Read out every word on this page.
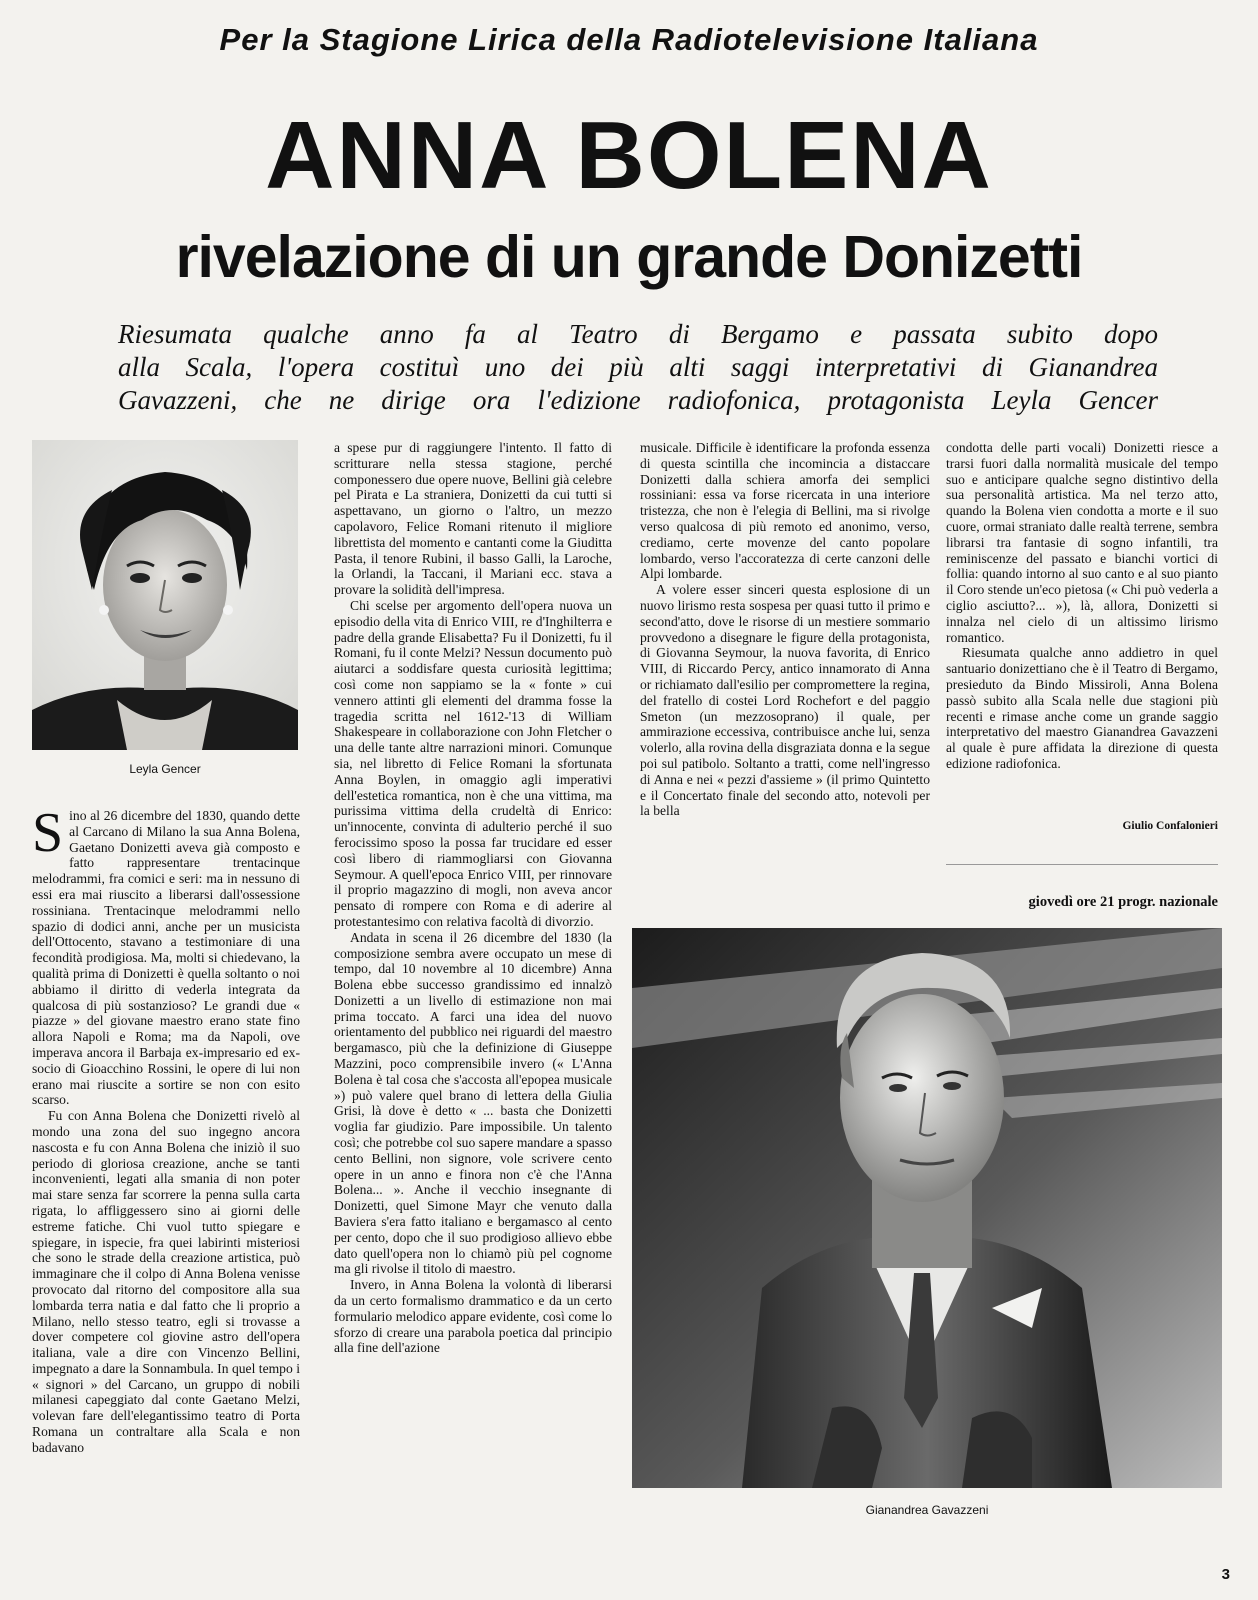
Per la Stagione Lirica della Radiotelevisione Italiana
ANNA BOLENA
rivelazione di un grande Donizetti
Riesumata qualche anno fa al Teatro di Bergamo e passata subito dopo
alla Scala, l'opera costituì uno dei più alti saggi interpretativi di Gianandrea
Gavazzeni, che ne dirige ora l'edizione radiofonica, protagonista Leyla Gencer
Leyla Gencer

Sino al 26 dicembre del 1830, quando dette al Carcano di Milano la sua Anna Bolena, Gaetano Donizetti aveva già composto e fatto rappresentare trentacinque melodrammi, fra comici e seri: ma in nessuno di essi era mai riuscito a liberarsi dall'ossessione rossiniana. Trentacinque melodrammi nello spazio di dodici anni, anche per un musicista dell'Ottocento, stavano a testimoniare di una fecondità prodigiosa. Ma, molti si chiedevano, la qualità prima di Donizetti è quella soltanto o noi abbiamo il diritto di vederla integrata da qualcosa di più sostanzioso? Le grandi due « piazze » del giovane maestro erano state fino allora Napoli e Roma; ma da Napoli, ove imperava ancora il Barbaja ex-impresario ed ex-socio di Gioacchino Rossini, le opere di lui non erano mai riuscite a sortire se non con esito scarso.

Fu con Anna Bolena che Donizetti rivelò al mondo una zona del suo ingegno ancora nascosta e fu con Anna Bolena che iniziò il suo periodo di gloriosa creazione, anche se tanti inconvenienti, legati alla smania di non poter mai stare senza far scorrere la penna sulla carta rigata, lo affliggessero sino ai giorni delle estreme fatiche. Chi vuol tutto spiegare e spiegare, in ispecie, fra quei labirinti misteriosi che sono le strade della creazione artistica, può immaginare che il colpo di Anna Bolena venisse provocato dal ritorno del compositore alla sua lombarda terra natia e dal fatto che li proprio a Milano, nello stesso teatro, egli si trovasse a dover competere col giovine astro dell'opera italiana, vale a dire con Vincenzo Bellini, impegnato a dare la Sonnambula. In quel tempo i « signori » del Carcano, un gruppo di nobili milanesi capeggiato dal conte Gaetano Melzi, volevan fare dell'elegantissimo teatro di Porta Romana un contraltare alla Scala e non badavano

a spese pur di raggiungere l'intento. Il fatto di scritturare nella stessa stagione, perché componessero due opere nuove, Bellini già celebre pel Pirata e La straniera, Donizetti da cui tutti si aspettavano, un giorno o l'altro, un mezzo capolavoro, Felice Romani ritenuto il migliore librettista del momento e cantanti come la Giuditta Pasta, il tenore Rubini, il basso Galli, la Laroche, la Orlandi, la Taccani, il Mariani ecc. stava a provare la solidità dell'impresa.

Chi scelse per argomento dell'opera nuova un episodio della vita di Enrico VIII, re d'Inghilterra e padre della grande Elisabetta? Fu il Donizetti, fu il Romani, fu il conte Melzi? Nessun documento può aiutarci a soddisfare questa curiosità legittima; così come non sappiamo se la « fonte » cui vennero attinti gli elementi del dramma fosse la tragedia scritta nel 1612-'13 di William Shakespeare in collaborazione con John Fletcher o una delle tante altre narrazioni minori. Comunque sia, nel libretto di Felice Romani la sfortunata Anna Boylen, in omaggio agli imperativi dell'estetica romantica, non è che una vittima, ma purissima vittima della crudeltà di Enrico: un'innocente, convinta di adulterio perché il suo ferocissimo sposo la possa far trucidare ed esser così libero di riammogliarsi con Giovanna Seymour. A quell'epoca Enrico VIII, per rinnovare il proprio magazzino di mogli, non aveva ancor pensato di rompere con Roma e di aderire al protestantesimo con relativa facoltà di divorzio.

Andata in scena il 26 dicembre del 1830 (la composizione sembra avere occupato un mese di tempo, dal 10 novembre al 10 dicembre) Anna Bolena ebbe successo grandissimo ed innalzò Donizetti a un livello di estimazione non mai prima toccato. A farci una idea del nuovo orientamento del pubblico nei riguardi del maestro bergamasco, più che la definizione di Giuseppe Mazzini, poco comprensibile invero (« L'Anna Bolena è tal cosa che s'accosta all'epopea musicale ») può valere quel brano di lettera della Giulia Grisi, là dove è detto « ... basta che Donizetti voglia far giudizio. Pare impossibile. Un talento così; che potrebbe col suo sapere mandare a spasso cento Bellini, non signore, vole scrivere cento opere in un anno e finora non c'è che l'Anna Bolena... ». Anche il vecchio insegnante di Donizetti, quel Simone Mayr che venuto dalla Baviera s'era fatto italiano e bergamasco al cento per cento, dopo che il suo prodigioso allievo ebbe dato quell'opera non lo chiamò più pel cognome ma gli rivolse il titolo di maestro.

Invero, in Anna Bolena la volontà di liberarsi da un certo formalismo drammatico e da un certo formulario melodico appare evidente, così come lo sforzo di creare una parabola poetica dal principio alla fine dell'azione

musicale. Difficile è identificare la profonda essenza di questa scintilla che incomincia a distaccare Donizetti dalla schiera amorfa dei semplici rossiniani: essa va forse ricercata in una interiore tristezza, che non è l'elegia di Bellini, ma si rivolge verso qualcosa di più remoto ed anonimo, verso, crediamo, certe movenze del canto popolare lombardo, verso l'accoratezza di certe canzoni delle Alpi lombarde.

A volere esser sinceri questa esplosione di un nuovo lirismo resta sospesa per quasi tutto il primo e second'atto, dove le risorse di un mestiere sommario provvedono a disegnare le figure della protagonista, di Giovanna Seymour, la nuova favorita, di Enrico VIII, di Riccardo Percy, antico innamorato di Anna or richiamato dall'esilio per compromettere la regina, del fratello di costei Lord Rochefort e del paggio Smeton (un mezzosoprano) il quale, per ammirazione eccessiva, contribuisce anche lui, senza volerlo, alla rovina della disgraziata donna e la segue poi sul patibolo. Soltanto a tratti, come nell'ingresso di Anna e nei « pezzi d'assieme » (il primo Quintetto e il Concertato finale del secondo atto, notevoli per la bella

condotta delle parti vocali) Donizetti riesce a trarsi fuori dalla normalità musicale del tempo suo e anticipare qualche segno distintivo della sua personalità artistica. Ma nel terzo atto, quando la Bolena vien condotta a morte e il suo cuore, ormai straniato dalle realtà terrene, sembra librarsi tra fantasie di sogno infantili, tra reminiscenze del passato e bianchi vortici di follia: quando intorno al suo canto e al suo pianto il Coro stende un'eco pietosa (« Chi può vederla a ciglio asciutto?... »), là, allora, Donizetti si innalza nel cielo di un altissimo lirismo romantico.

Riesumata qualche anno addietro in quel santuario donizettiano che è il Teatro di Bergamo, presieduto da Bindo Missiroli, Anna Bolena passò subito alla Scala nelle due stagioni più recenti e rimase anche come un grande saggio interpretativo del maestro Gianandrea Gavazzeni al quale è pure affidata la direzione di questa edizione radiofonica.

Giulio Confalonieri
giovedì ore 21 progr. nazionale
Gianandrea Gavazzeni
3
